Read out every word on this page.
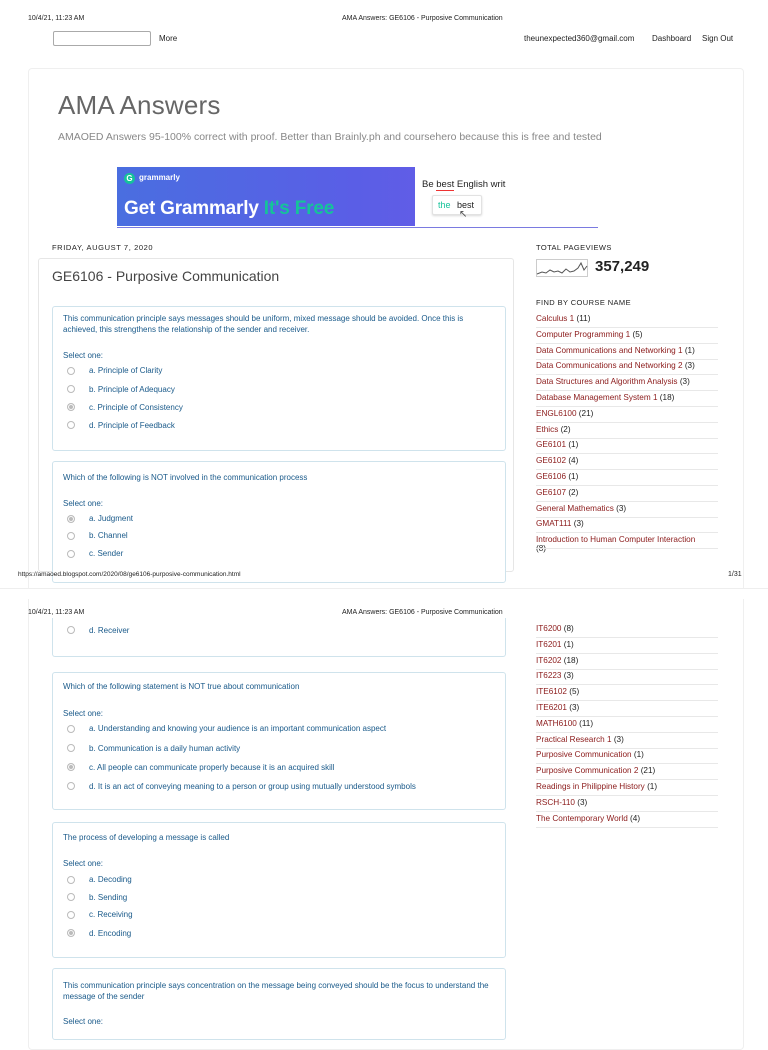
10/4/21, 11:23 AM	AMA Answers: GE6106 - Purposive Communication
More	theunexpected360@gmail.com Dashboard Sign Out
AMA Answers
AMAOED Answers 95-100% correct with proof. Better than Brainly.ph and coursehero because this is free and tested
G grammarly
Get Grammarly It's Free
Be best English writ
the best
↖
FRIDAY, AUGUST 7, 2020
GE6106 - Purposive Communication
This communication principle says messages should be uniform, mixed message should be avoided. Once this is achieved, this strengthens the relationship of the sender and receiver.
Select one:
a. Principle of Clarity
b. Principle of Adequacy
c. Principle of Consistency
d. Principle of Feedback
Which of the following is NOT involved in the communication process
Select one:
a. Judgment
b. Channel
c. Sender
TOTAL PAGEVIEWS
357,249
FIND BY COURSE NAME
Calculus 1 (11)
Computer Programming 1 (5)
Data Communications and Networking 1 (1)
Data Communications and Networking 2 (3)
Data Structures and Algorithm Analysis (3)
Database Management System 1 (18)
ENGL6100 (21)
Ethics (2)
GE6101 (1)
GE6102 (4)
GE6106 (1)
GE6107 (2)
General Mathematics (3)
GMAT111 (3)
Introduction to Human Computer Interaction

https://amaoed.blogspot.com/2020/08/ge6106-purposive-communication.html	1/31
10/4/21, 11:23 AM	AMA Answers: GE6106 - Purposive Communication
d. Receiver
Which of the following statement is NOT true about communication
Select one:
a. Understanding and knowing your audience is an important communication aspect
b. Communication is a daily human activity
c. All people can communicate properly because it is an acquired skill
d. It is an act of conveying meaning to a person or group using mutually understood symbols
The process of developing a message is called
Select one:
a. Decoding
b. Sending
c. Receiving
d. Encoding
This communication principle says concentration on the message being conveyed should be the focus to understand the message of the sender
Select one:
IT6200 (8)
IT6201 (1)
IT6202 (18)
IT6223 (3)
ITE6102 (5)
ITE6201 (3)
MATH6100 (11)
Practical Research 1 (3)
Purposive Communication (1)
Purposive Communication 2 (21)
Readings in Philippine History (1)
RSCH-110 (3)
The Contemporary World (4)
